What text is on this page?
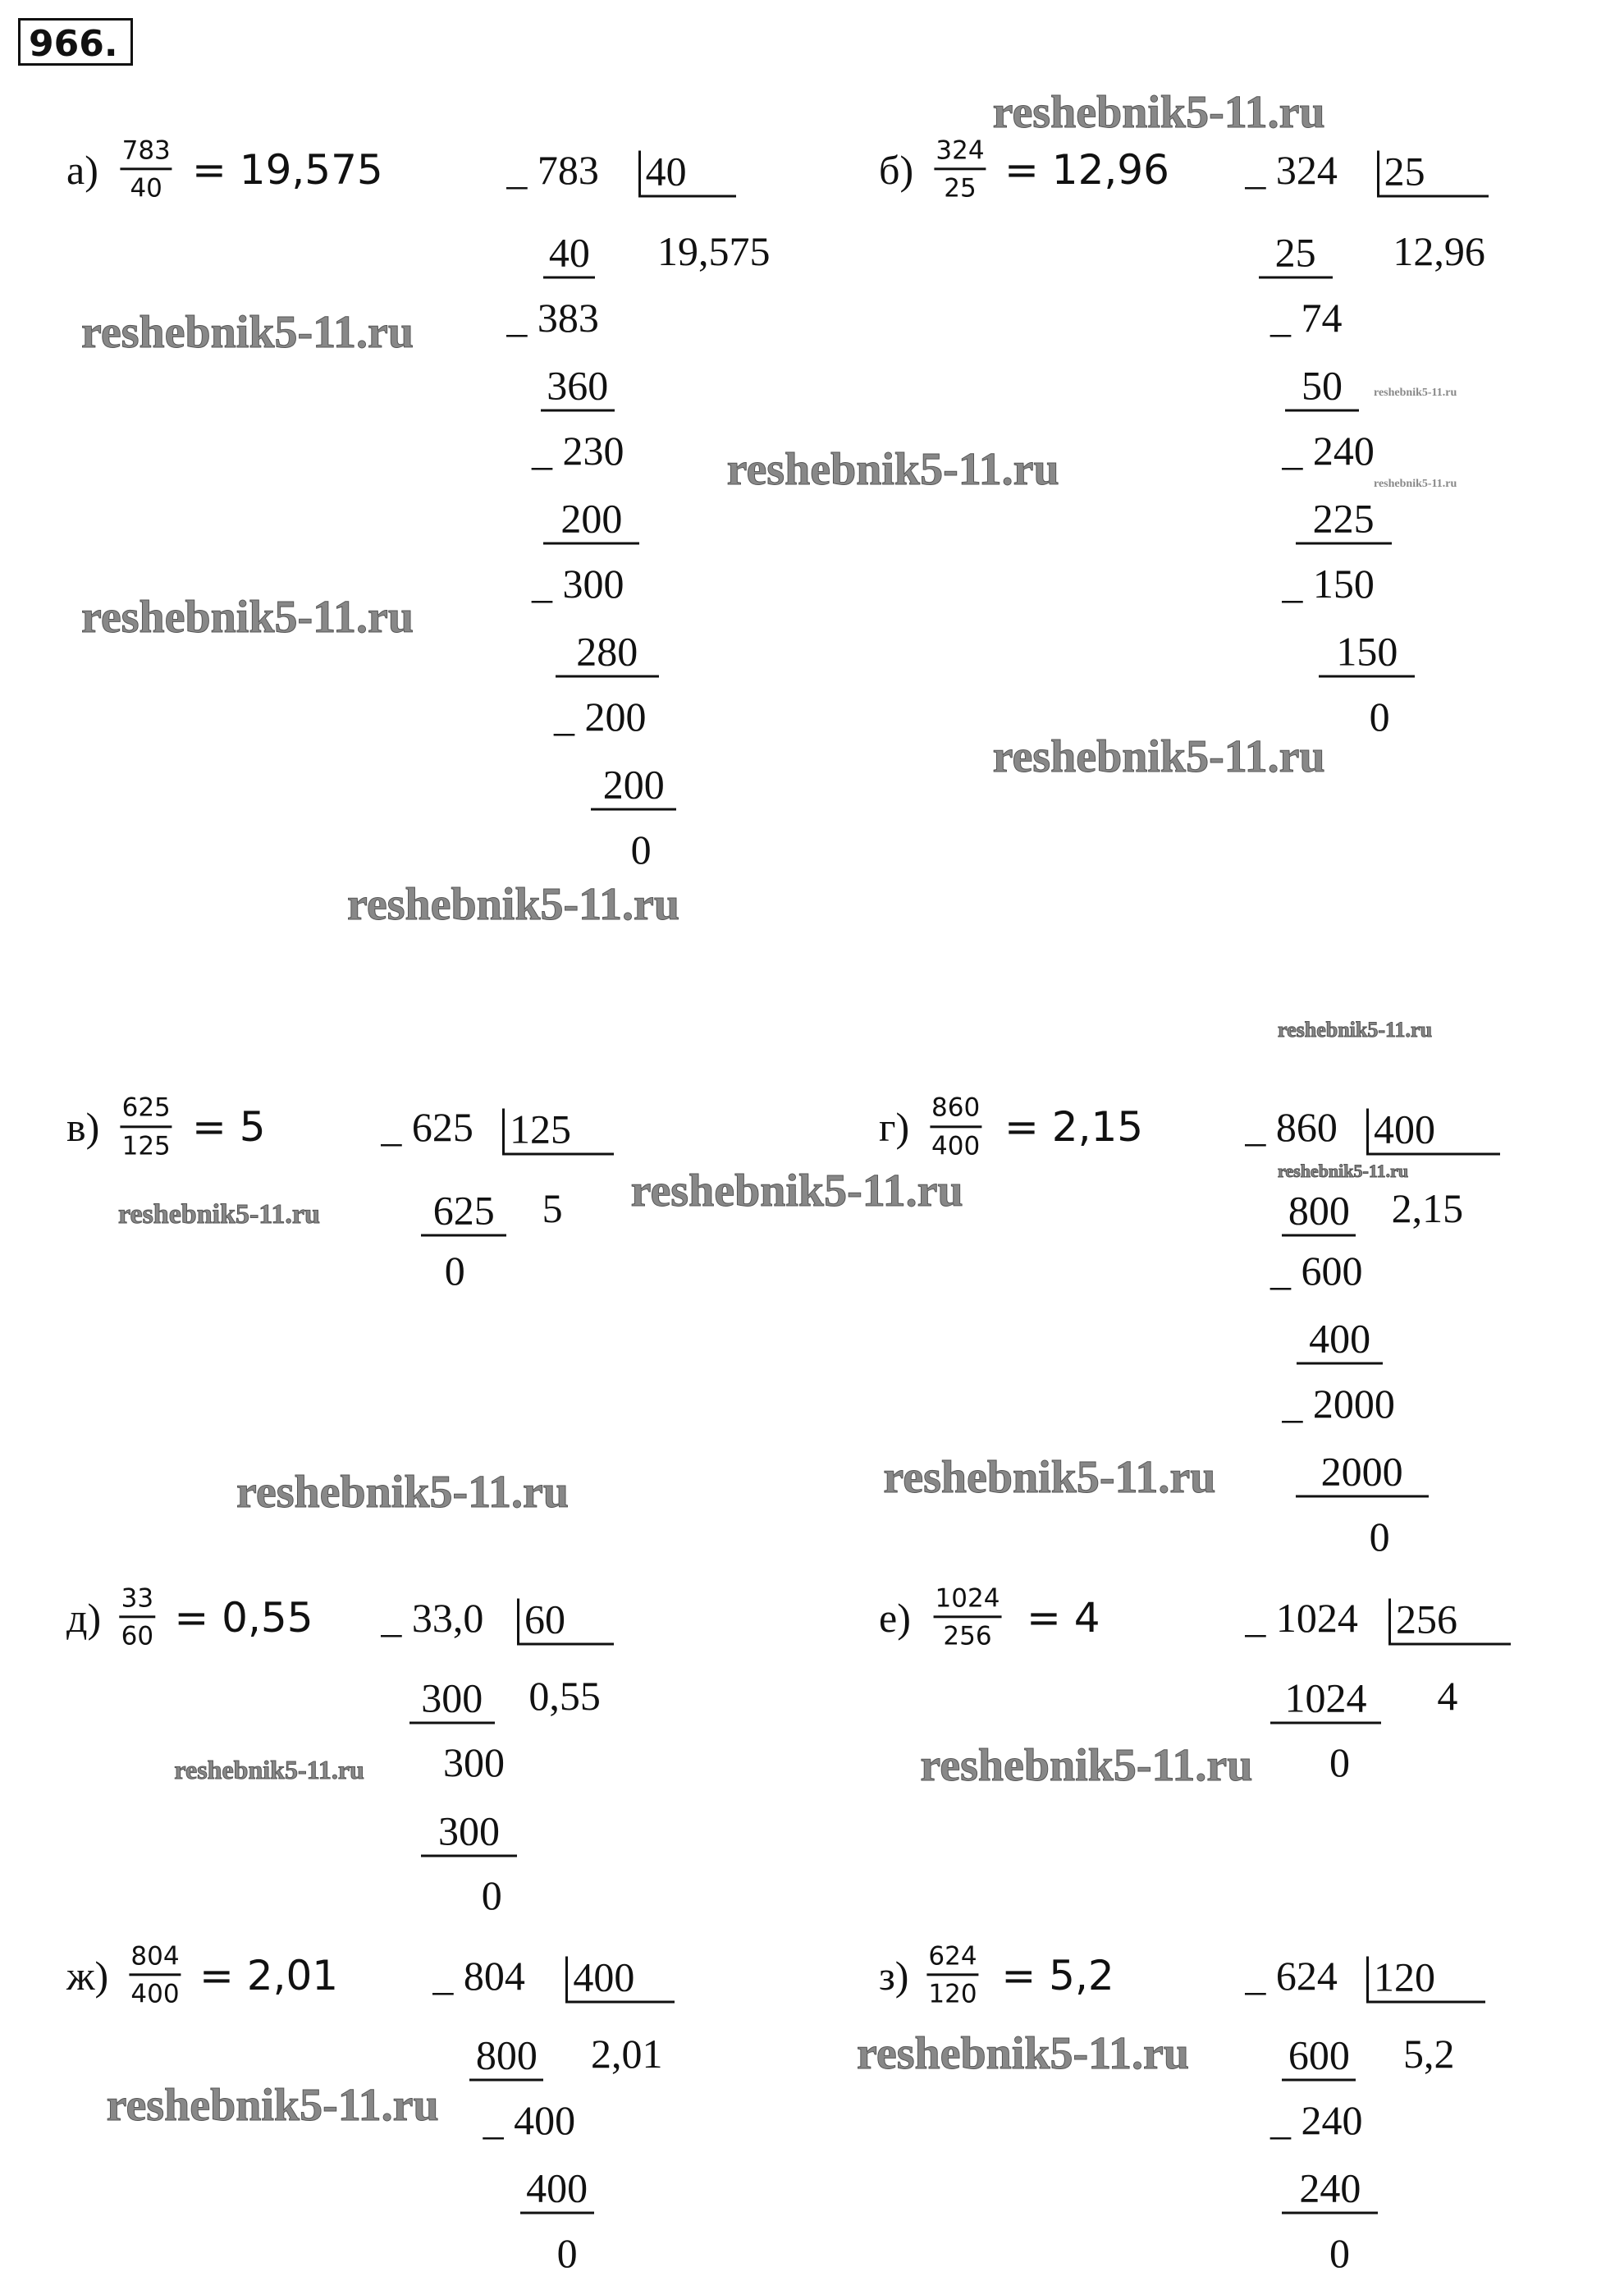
966.
$а) \frac{783}{40} = 19,575$	40
_ 783
40 19,575
_ 383
360
_ 230
200
_ 300
280
_ 200
200
0
$б) \frac{324}{25} = 12,96$	25
_ 324
25	12,96
_ 74
50
_ 240
225
_ 150
150
0
$в) \frac{625}{125} = 5$	125
_ 625
625 5
0
$г) \frac{860}{400} = 2,15$	400
_ 860
800 2,15
_ 600
400
_ 2000
2000
0
$д) \frac{33}{60} = 0,55$	60
_ 33,0
300 0,55
300
300
0
$е) \frac{1024}{256} = 4$	256
_ 1024
1024	4
0
$ж) \frac{804}{400} = 2,01$	400
_ 804
800 2,01
_ 400
400
0
$з) \frac{624}{120} = 5,2$	120
_ 624
600 5,2
_ 240
240
0
reshebnik5-11.ru
reshebnik5-11.ru
reshebnik5-11.ru
reshebnik5-11.ru
reshebnik5-11.ru
reshebnik5-11.ru
reshebnik5-11.ru
reshebnik5-11.ru	reshebnik5-11.ru	reshebnik5-11.ru
reshebnik5-11.ru
reshebnik5-11.ru
reshebnik5-11.ru	reshebnik5-11.ru
reshebnik5-11.ru	reshebnik5-11.ru
reshebnik5-11.ru
reshebnik5-11.ru
